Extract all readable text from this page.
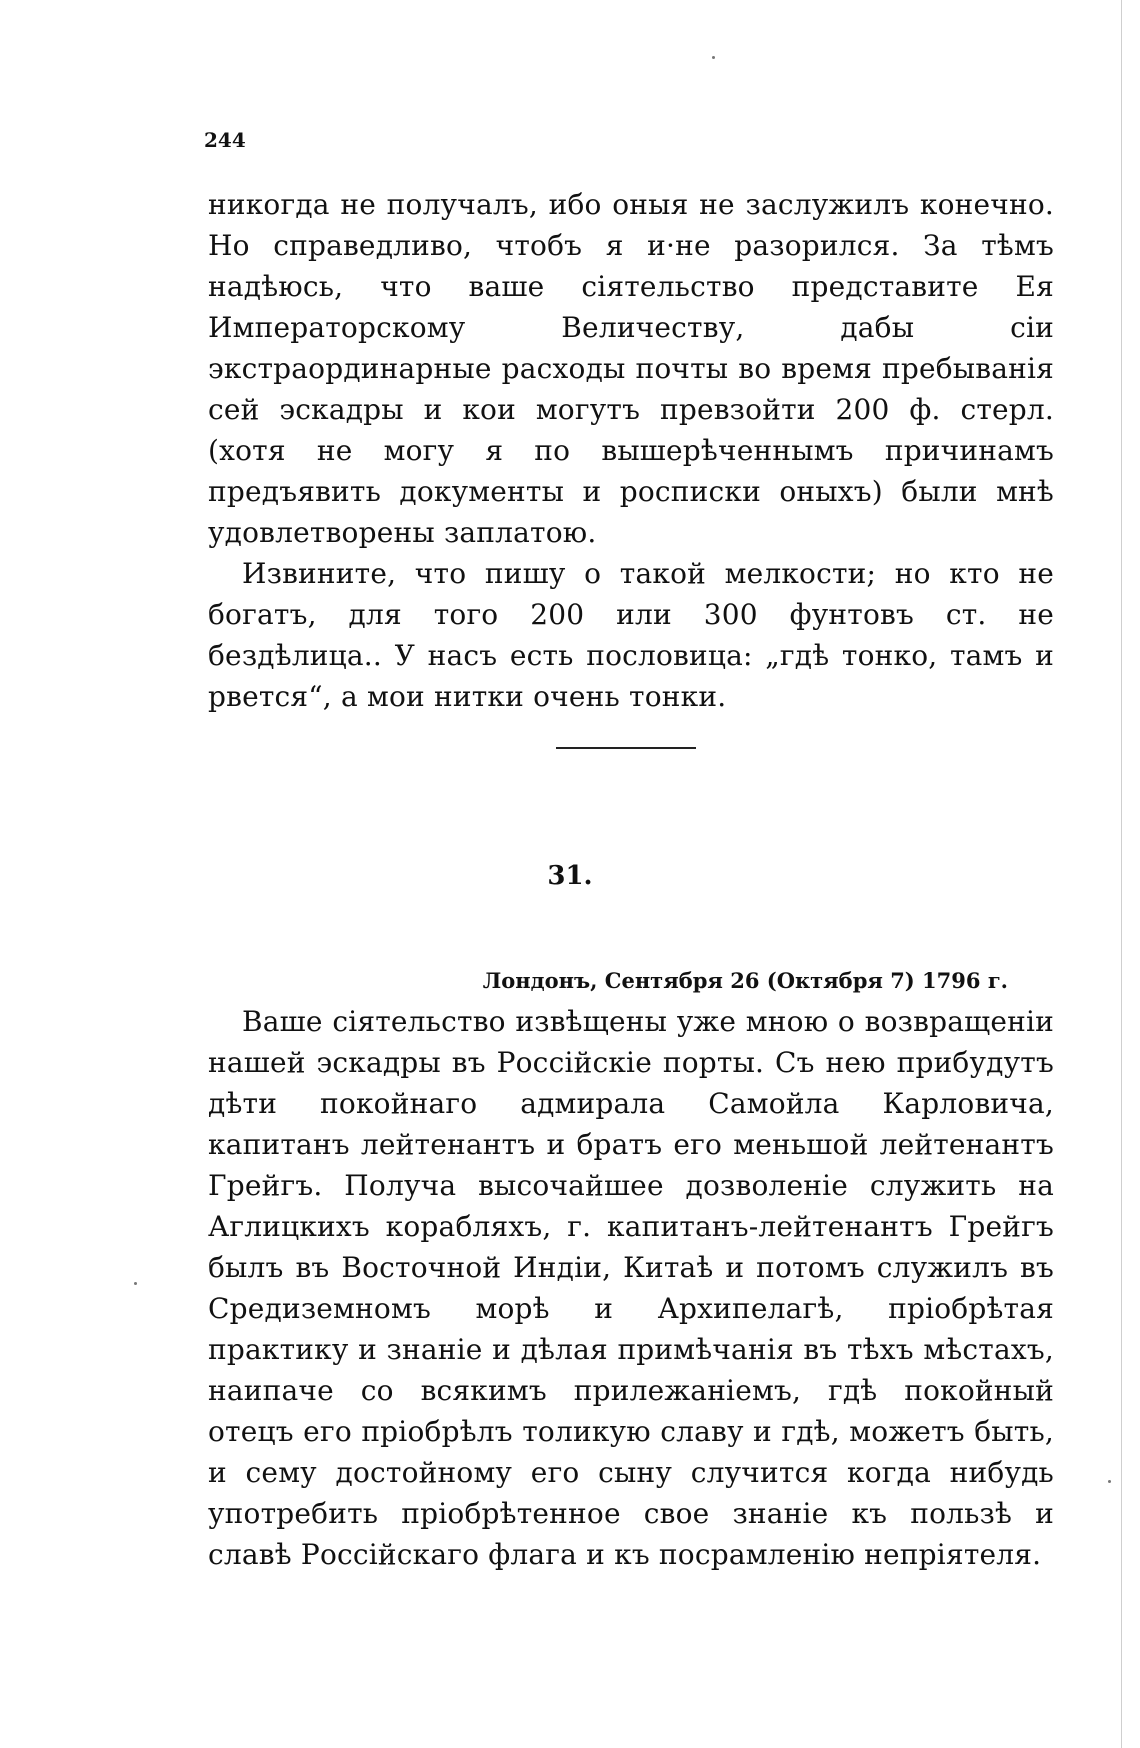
244

никогда не получалъ, ибо оныя не заслужилъ конечно. Но справедливо, чтобъ я и·не разорился. За тѣмъ надѣюсь, что ваше сіятельство представите Ея Императорскому Величеству, дабы сіи экстраординарные расходы почты во время пребыванія сей эскадры и кои могутъ превзойти 200 ф. стерл. (хотя не могу я по вышерѣченнымъ причинамъ предъявить документы и росписки оныхъ) были мнѣ удовлетворены заплатою.

Извините, что пишу о такой мелкости; но кто не богатъ, для того 200 или 300 фунтовъ ст. не бездѣлица.. У насъ есть пословица: „гдѣ тонко, тамъ и рвется“, а мои нитки очень тонки.

31.
Лондонъ, Сентября 26 (Октября 7) 1796 г.

Ваше сіятельство извѣщены уже мною о возвращеніи нашей эскадры въ Россійскіе порты. Съ нею прибудутъ дѣти покойнаго адмирала Самойла Карловича, капитанъ лейтенантъ и братъ его меньшой лейтенантъ Грейгъ. Получа высочайшее дозволеніе служить на Аглицкихъ корабляхъ, г. капитанъ-лейтенантъ Грейгъ былъ въ Восточной Индіи, Китаѣ и потомъ служилъ въ Средиземномъ морѣ и Архипелагѣ, пріобрѣтая практику и знаніе и дѣлая примѣчанія въ тѣхъ мѣстахъ, наипаче со всякимъ прилежаніемъ, гдѣ покойный отецъ его пріобрѣлъ толикую славу и гдѣ, можетъ быть, и сему достойному его сыну случится когда нибудь употребить пріобрѣтенное свое знаніе къ пользѣ и славѣ Россійскаго флага и къ посрамленію непріятеля.
